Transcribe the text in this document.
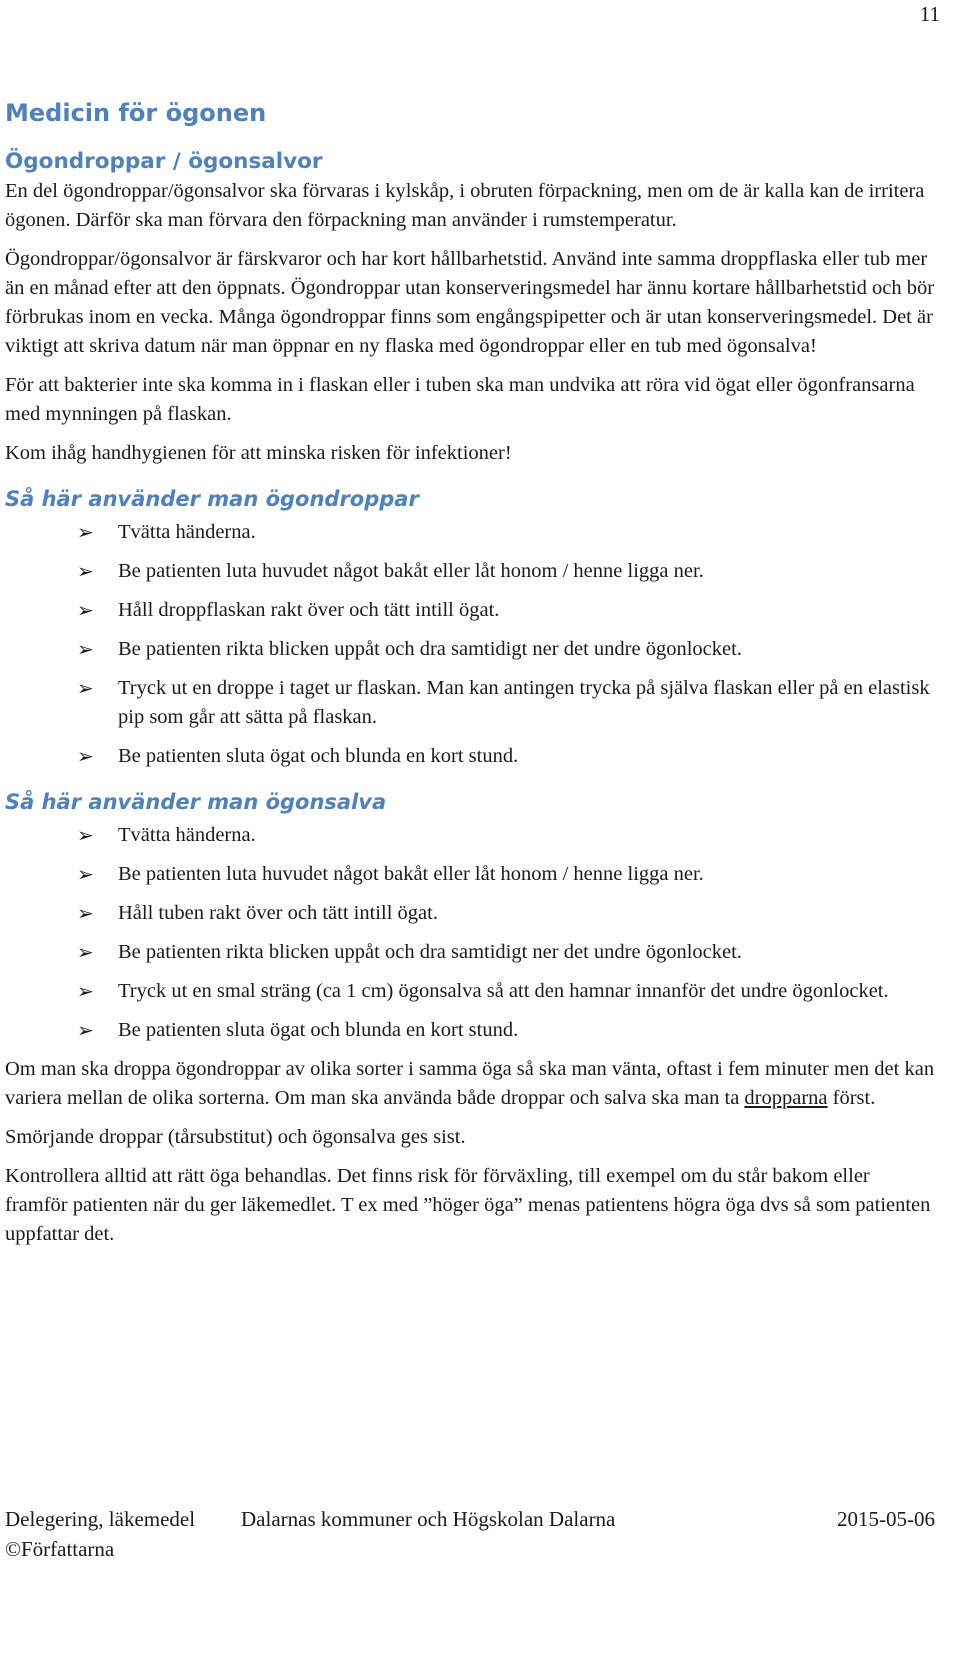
11
Medicin för ögonen
Ögondroppar / ögonsalvor

En del ögondroppar/ögonsalvor ska förvaras i kylskåp, i obruten förpackning, men om de är kalla kan de irritera ögonen. Därför ska man förvara den förpackning man använder i rumstemperatur.

Ögondroppar/ögonsalvor är färskvaror och har kort hållbarhetstid. Använd inte samma droppflaska eller tub mer än en månad efter att den öppnats. Ögondroppar utan konserveringsmedel har ännu kortare hållbarhetstid och bör förbrukas inom en vecka. Många ögondroppar finns som engångspipetter och är utan konserveringsmedel. Det är viktigt att skriva datum när man öppnar en ny flaska med ögondroppar eller en tub med ögonsalva!

För att bakterier inte ska komma in i flaskan eller i tuben ska man undvika att röra vid ögat eller ögonfransarna med mynningen på flaskan.

Kom ihåg handhygienen för att minska risken för infektioner!

Så här använder man ögondroppar
➢ Tvätta händerna.
➢ Be patienten luta huvudet något bakåt eller låt honom / henne ligga ner.
➢ Håll droppflaskan rakt över och tätt intill ögat.
➢ Be patienten rikta blicken uppåt och dra samtidigt ner det undre ögonlocket.
➢ Tryck ut en droppe i taget ur flaskan. Man kan antingen trycka på själva flaskan eller på en elastisk pip som går att sätta på flaskan.
➢ Be patienten sluta ögat och blunda en kort stund.
Så här använder man ögonsalva
➢ Tvätta händerna.
➢ Be patienten luta huvudet något bakåt eller låt honom / henne ligga ner.
➢ Håll tuben rakt över och tätt intill ögat.
➢ Be patienten rikta blicken uppåt och dra samtidigt ner det undre ögonlocket.
➢ Tryck ut en smal sträng (ca 1 cm) ögonsalva så att den hamnar innanför det undre ögonlocket.
➢ Be patienten sluta ögat och blunda en kort stund.

Om man ska droppa ögondroppar av olika sorter i samma öga så ska man vänta, oftast i fem minuter men det kan variera mellan de olika sorterna. Om man ska använda både droppar och salva ska man ta dropparna först.

Smörjande droppar (tårsubstitut) och ögonsalva ges sist.

Kontrollera alltid att rätt öga behandlas. Det finns risk för förväxling, till exempel om du står bakom eller framför patienten när du ger läkemedlet. T ex med ”höger öga” menas patientens högra öga dvs så som patienten uppfattar det.

Delegering, läkemedel Dalarnas kommuner och Högskolan Dalarna	2015-05-06
©Författarna
